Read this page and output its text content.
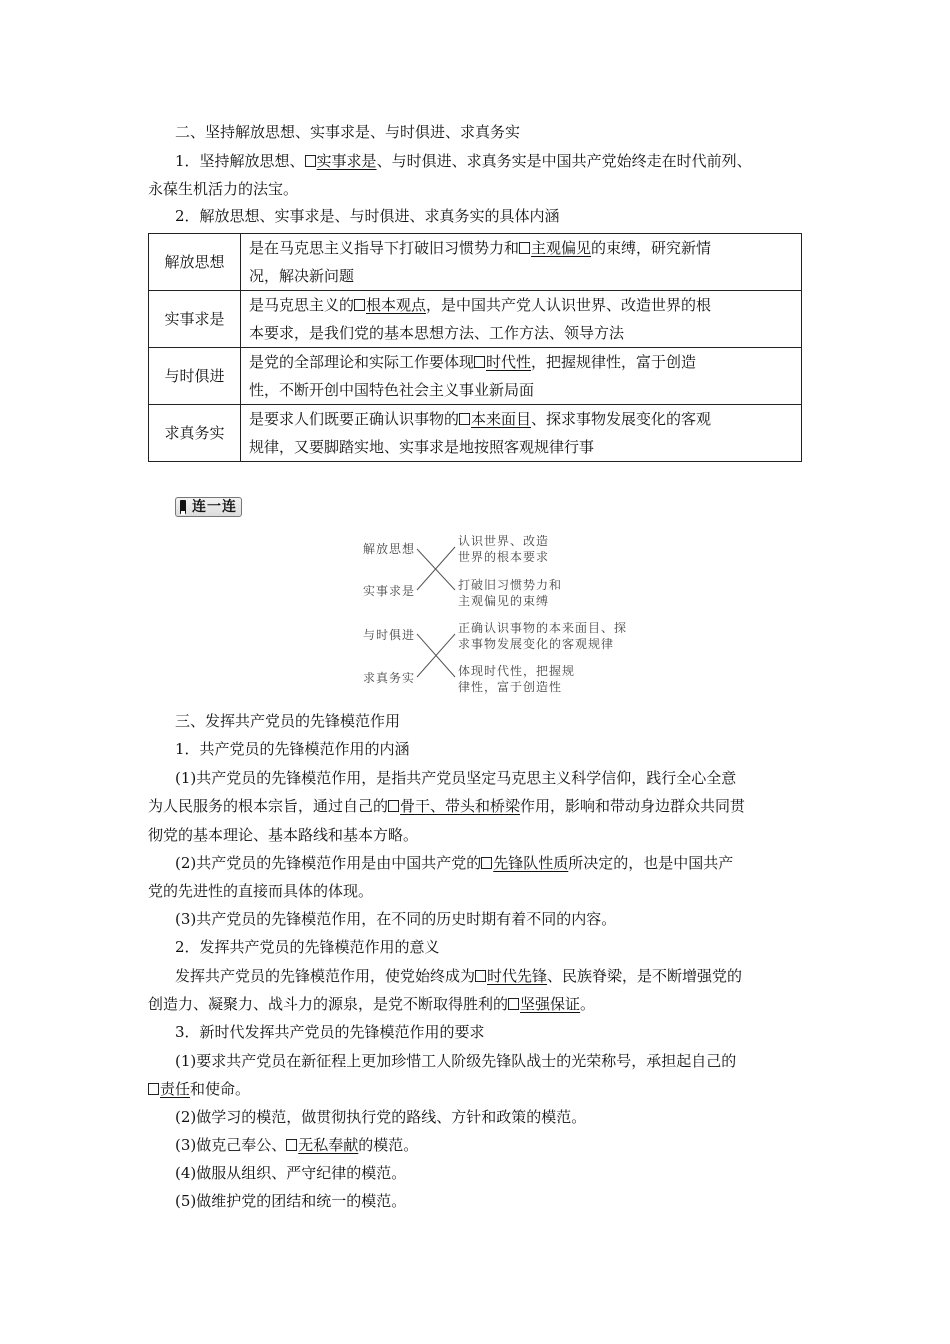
二、坚持解放思想、实事求是、与时俱进、求真务实
1．坚持解放思想、 实事求是、与时俱进、求真务实是中国共产党始终走在时代前列、
永葆生机活力的法宝。
2．解放思想、实事求是、与时俱进、求真务实的具体内涵
解放思想	是在马克思主义指导下打破旧习惯势力和 主观偏见的束缚，研究新情
况，解决新问题

实事求是	是马克思主义的 根本观点，是中国共产党人认识世界、改造世界的根
本要求，是我们党的基本思想方法、工作方法、领导方法

与时俱进	是党的全部理论和实际工作要体现 时代性，把握规律性，富于创造
性，不断开创中国特色社会主义事业新局面

求真务实	是要求人们既要正确认识事物的 本来面目、探求事物发展变化的客观
规律，又要脚踏实地、实事求是地按照客观规律行事
连一连
解放思想
实事求是
与时俱进
求真务实
认识世界、改造
世界的根本要求
打破旧习惯势力和
主观偏见的束缚
正确认识事物的本来面目、探
求事物发展变化的客观规律
体现时代性，把握规
律性，富于创造性
三、发挥共产党员的先锋模范作用
1．共产党员的先锋模范作用的内涵
(1)共产党员的先锋模范作用，是指共产党员坚定马克思主义科学信仰，践行全心全意
为人民服务的根本宗旨，通过自己的 骨干、带头和桥梁作用，影响和带动身边群众共同贯
彻党的基本理论、基本路线和基本方略。
(2)共产党员的先锋模范作用是由中国共产党的 先锋队性质所决定的，也是中国共产
党的先进性的直接而具体的体现。
(3)共产党员的先锋模范作用，在不同的历史时期有着不同的内容。
2．发挥共产党员的先锋模范作用的意义
发挥共产党员的先锋模范作用，使党始终成为 时代先锋、民族脊梁，是不断增强党的
创造力、凝聚力、战斗力的源泉，是党不断取得胜利的 坚强保证。
3．新时代发挥共产党员的先锋模范作用的要求
(1)要求共产党员在新征程上更加珍惜工人阶级先锋队战士的光荣称号，承担起自己的
责任和使命。
(2)做学习的模范，做贯彻执行党的路线、方针和政策的模范。
(3)做克己奉公、 无私奉献的模范。
(4)做服从组织、严守纪律的模范。
(5)做维护党的团结和统一的模范。
